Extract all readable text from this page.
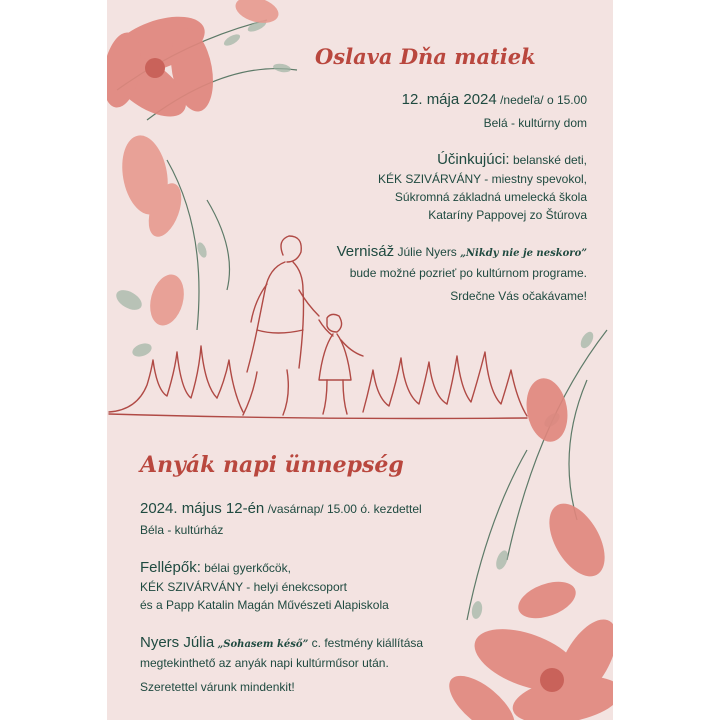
Oslava Dňa matiek
12. mája 2024 /nedeľa/ o 15.00
Belá - kultúrny dom
Účinkujúci: belanské deti,
KÉK SZIVÁRVÁNY - miestny spevokol,
Súkromná základná umelecká škola
Kataríny Pappovej zo Štúrova
Vernisáž Júlie Nyers „Nikdy nie je neskoro”
bude možné pozrieť po kultúrnom programe.
Srdečne Vás očakávame!
Anyák napi ünnepség
2024. május 12-én /vasárnap/ 15.00 ó. kezdettel
Béla - kultúrház
Fellépők: bélai gyerkőcök,
KÉK SZIVÁRVÁNY - helyi énekcsoport
és a Papp Katalin Magán Művészeti Alapiskola
Nyers Júlia „Sohasem késő” c. festmény kiállítása
megtekinthető az anyák napi kultúrműsor után.
Szeretettel várunk mindenkit!
